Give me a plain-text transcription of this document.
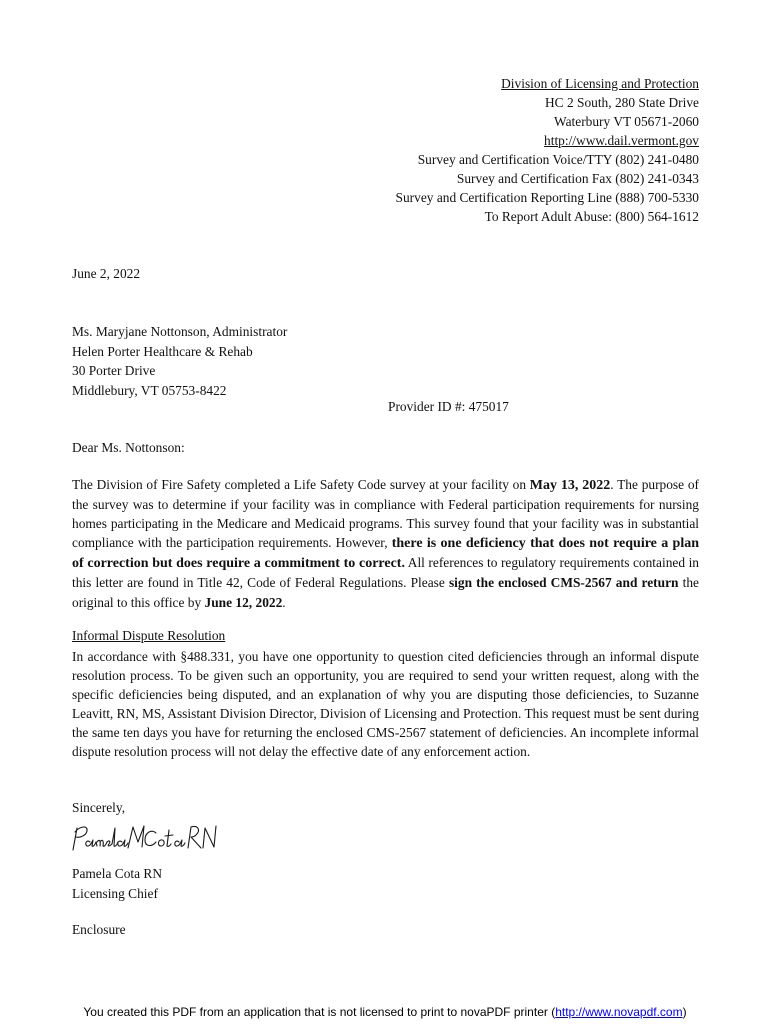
Division of Licensing and Protection
HC 2 South, 280 State Drive
Waterbury VT 05671-2060
http://www.dail.vermont.gov
Survey and Certification Voice/TTY (802) 241-0480
Survey and Certification Fax (802) 241-0343
Survey and Certification Reporting Line (888) 700-5330
To Report Adult Abuse: (800) 564-1612
June 2, 2022
Ms. Maryjane Nottonson, Administrator
Helen Porter Healthcare & Rehab
30 Porter Drive
Middlebury, VT 05753-8422
Provider ID #: 475017
Dear Ms. Nottonson:
The Division of Fire Safety completed a Life Safety Code survey at your facility on May 13, 2022. The purpose of the survey was to determine if your facility was in compliance with Federal participation requirements for nursing homes participating in the Medicare and Medicaid programs. This survey found that your facility was in substantial compliance with the participation requirements. However, there is one deficiency that does not require a plan of correction but does require a commitment to correct. All references to regulatory requirements contained in this letter are found in Title 42, Code of Federal Regulations. Please sign the enclosed CMS-2567 and return the original to this office by June 12, 2022.
Informal Dispute Resolution
In accordance with §488.331, you have one opportunity to question cited deficiencies through an informal dispute resolution process. To be given such an opportunity, you are required to send your written request, along with the specific deficiencies being disputed, and an explanation of why you are disputing those deficiencies, to Suzanne Leavitt, RN, MS, Assistant Division Director, Division of Licensing and Protection. This request must be sent during the same ten days you have for returning the enclosed CMS-2567 statement of deficiencies. An incomplete informal dispute resolution process will not delay the effective date of any enforcement action.
Sincerely,
Pamela Cota RN
Licensing Chief
Enclosure
You created this PDF from an application that is not licensed to print to novaPDF printer (http://www.novapdf.com)
